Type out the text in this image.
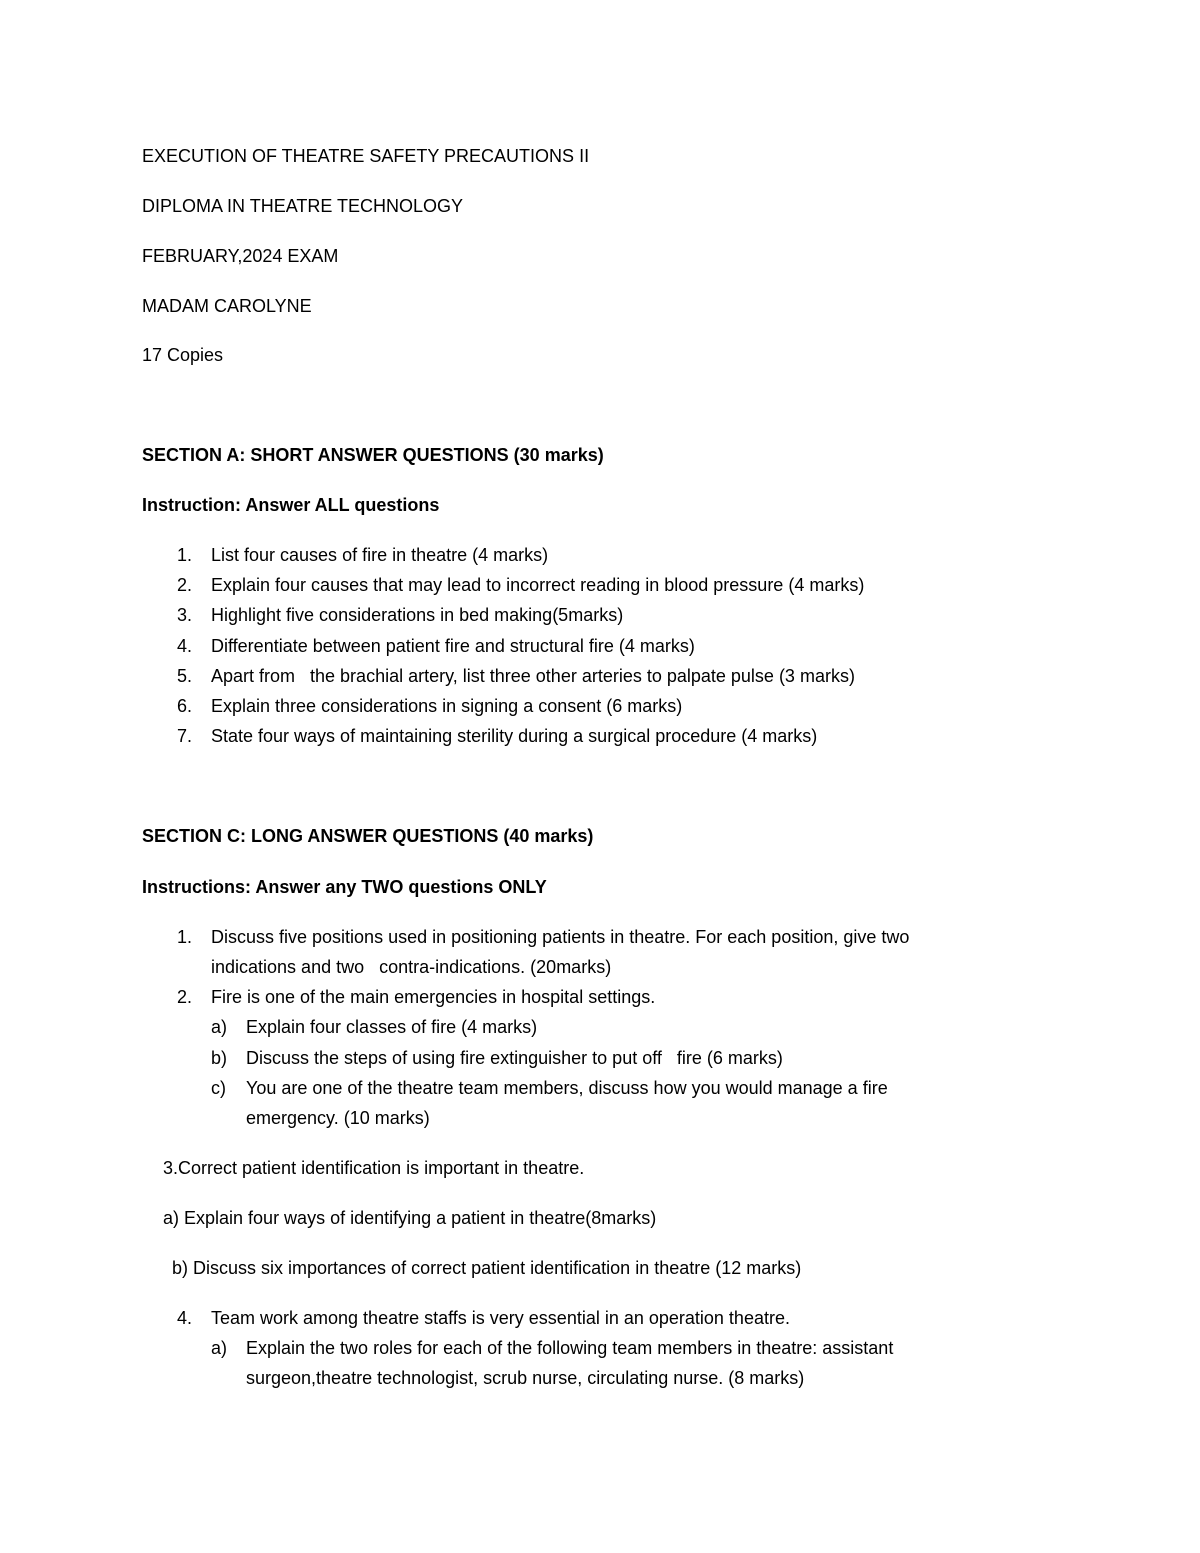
EXECUTION OF THEATRE SAFETY PRECAUTIONS II
DIPLOMA IN THEATRE TECHNOLOGY
FEBRUARY,2024 EXAM
MADAM CAROLYNE
17 Copies
SECTION A: SHORT ANSWER QUESTIONS (30 marks)
Instruction: Answer ALL questions
1. List four causes of fire in theatre (4 marks)
2. Explain four causes that may lead to incorrect reading in blood pressure (4 marks)
3. Highlight five considerations in bed making(5marks)
4. Differentiate between patient fire and structural fire (4 marks)
5. Apart from   the brachial artery, list three other arteries to palpate pulse (3 marks)
6. Explain three considerations in signing a consent (6 marks)
7. State four ways of maintaining sterility during a surgical procedure (4 marks)
SECTION C: LONG ANSWER QUESTIONS (40 marks)
Instructions: Answer any TWO questions ONLY
1. Discuss five positions used in positioning patients in theatre. For each position, give two
indications and two   contra-indications. (20marks)
2. Fire is one of the main emergencies in hospital settings.
a) Explain four classes of fire (4 marks)
b) Discuss the steps of using fire extinguisher to put off   fire (6 marks)
c) You are one of the theatre team members, discuss how you would manage a fire
emergency. (10 marks)
3.Correct patient identification is important in theatre.
a) Explain four ways of identifying a patient in theatre(8marks)
b) Discuss six importances of correct patient identification in theatre (12 marks)
4. Team work among theatre staffs is very essential in an operation theatre.
a) Explain the two roles for each of the following team members in theatre: assistant
surgeon,theatre technologist, scrub nurse, circulating nurse. (8 marks)
